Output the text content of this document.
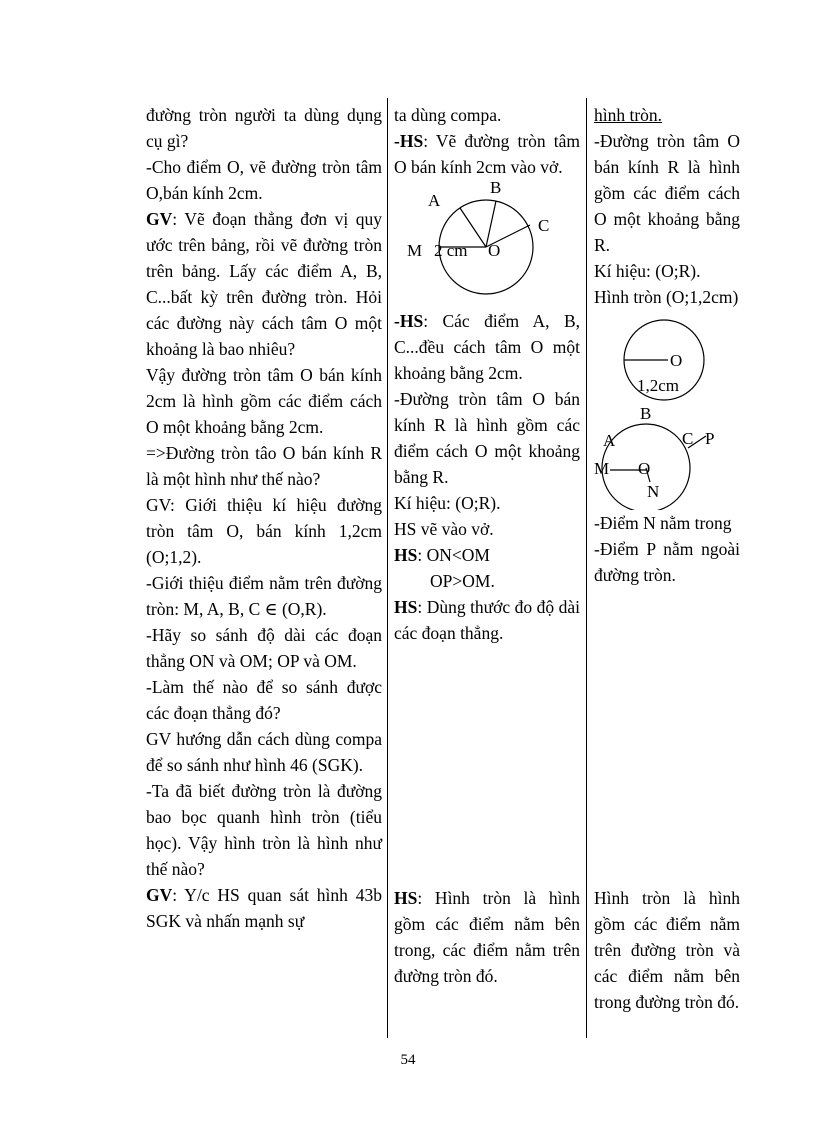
đường tròn người ta dùng dụng cụ gì?

-Cho điểm O, vẽ đường tròn tâm O,bán kính 2cm.

GV: Vẽ đoạn thẳng đơn vị quy ước trên bảng, rồi vẽ đường tròn trên bảng. Lấy các điểm A, B, C...bất kỳ trên đường tròn. Hỏi các đường này cách tâm O một khoảng là bao nhiêu?

Vậy đường tròn tâm O bán kính 2cm là hình gồm các điểm cách O một khoảng bằng 2cm.

=>Đường tròn tâo O bán kính R là một hình như thế nào?

GV: Giới thiệu kí hiệu đường tròn tâm O, bán kính 1,2cm (O;1,2).

-Giới thiệu điểm nằm trên đường tròn: M, A, B, C ∈ (O,R).

-Hãy so sánh độ dài các đoạn thẳng ON và OM; OP và OM.

-Làm thế nào để so sánh được các đoạn thẳng đó?

GV hướng dẫn cách dùng compa để so sánh như hình 46 (SGK).

-Ta đã biết đường tròn là đường bao bọc quanh hình tròn (tiểu học). Vậy hình tròn là hình như thế nào?

GV: Y/c HS quan sát hình 43b SGK và nhấn mạnh sự

ta dùng compa.

-HS: Vẽ đường tròn tâm O bán kính 2cm vào vở.

A
B
C
M	O
2 cm

-HS: Các điểm A, B, C...đều cách tâm O một khoảng bằng 2cm.

-Đường tròn tâm O bán kính R là hình gồm các điểm cách O một khoảng bằng R.

Kí hiệu: (O;R).

HS vẽ vào vở.

HS: ON<OM

OP>OM.

HS: Dùng thước đo độ dài các đoạn thẳng.

HS: Hình tròn là hình gồm các điểm nằm bên trong, các điểm nằm trên đường tròn đó.

hình tròn.

-Đường tròn tâm O bán kính R là hình gồm các điểm cách O một khoảng bằng R.

Kí hiệu: (O;R).

Hình tròn (O;1,2cm)

O
1,2cm
B
A	C P
M O
N

-Điểm N nằm trong

-Điểm P nằm ngoài đường tròn.

Hình tròn là hình gồm các điểm nằm trên đường tròn và các điểm nằm bên trong đường tròn đó.

54
